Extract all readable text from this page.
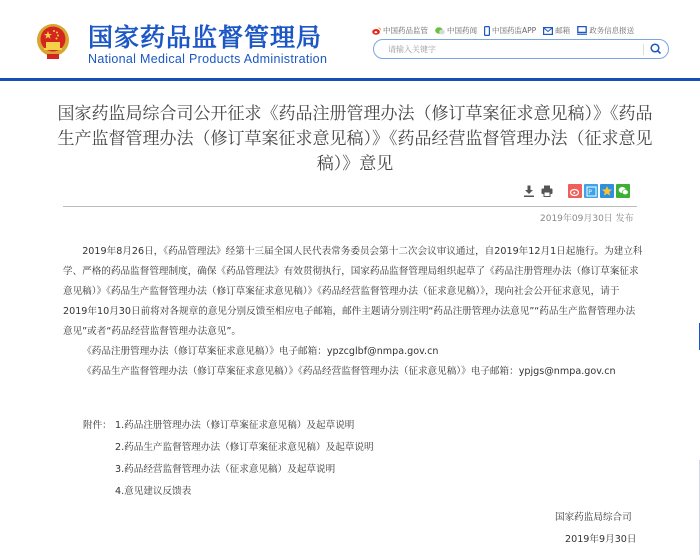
国家药品监督管理局
National Medical Products Administration
中国药品监管	中国药闻 中国药监APP	邮箱	政务信息报送
请输入关键字
国家药监局综合司公开征求《药品注册管理办法（修订草案征求意见稿）》《药品生产监督管理办法（修订草案征求意见稿）》《药品经营监督管理办法（征求意见稿）》意见
P
2019年09月30日 发布

2019年8月26日，《药品管理法》经第十三届全国人民代表常务委员会第十二次会议审议通过，自2019年12月1日起施行。为建立科学、严格的药品监督管理制度，确保《药品管理法》有效贯彻执行，国家药品监督管理局组织起草了《药品注册管理办法（修订草案征求意见稿）》《药品生产监督管理办法（修订草案征求意见稿）》《药品经营监督管理办法（征求意见稿）》，现向社会公开征求意见，请于2019年10月30日前将对各规章的意见分别反馈至相应电子邮箱，邮件主题请分别注明“药品注册管理办法意见”“药品生产监督管理办法意见”或者“药品经营监督管理办法意见”。

《药品注册管理办法（修订草案征求意见稿）》电子邮箱：ypzcglbf@nmpa.gov.cn

《药品生产监督管理办法（修订草案征求意见稿）》《药品经营监督管理办法（征求意见稿）》电子邮箱：ypjgs@nmpa.gov.cn

附件： 1.药品注册管理办法（修订草案征求意见稿）及起草说明
2.药品生产监督管理办法（修订草案征求意见稿）及起草说明
3.药品经营监督管理办法（征求意见稿）及起草说明
4.意见建议反馈表
国家药监局综合司
2019年9月30日
